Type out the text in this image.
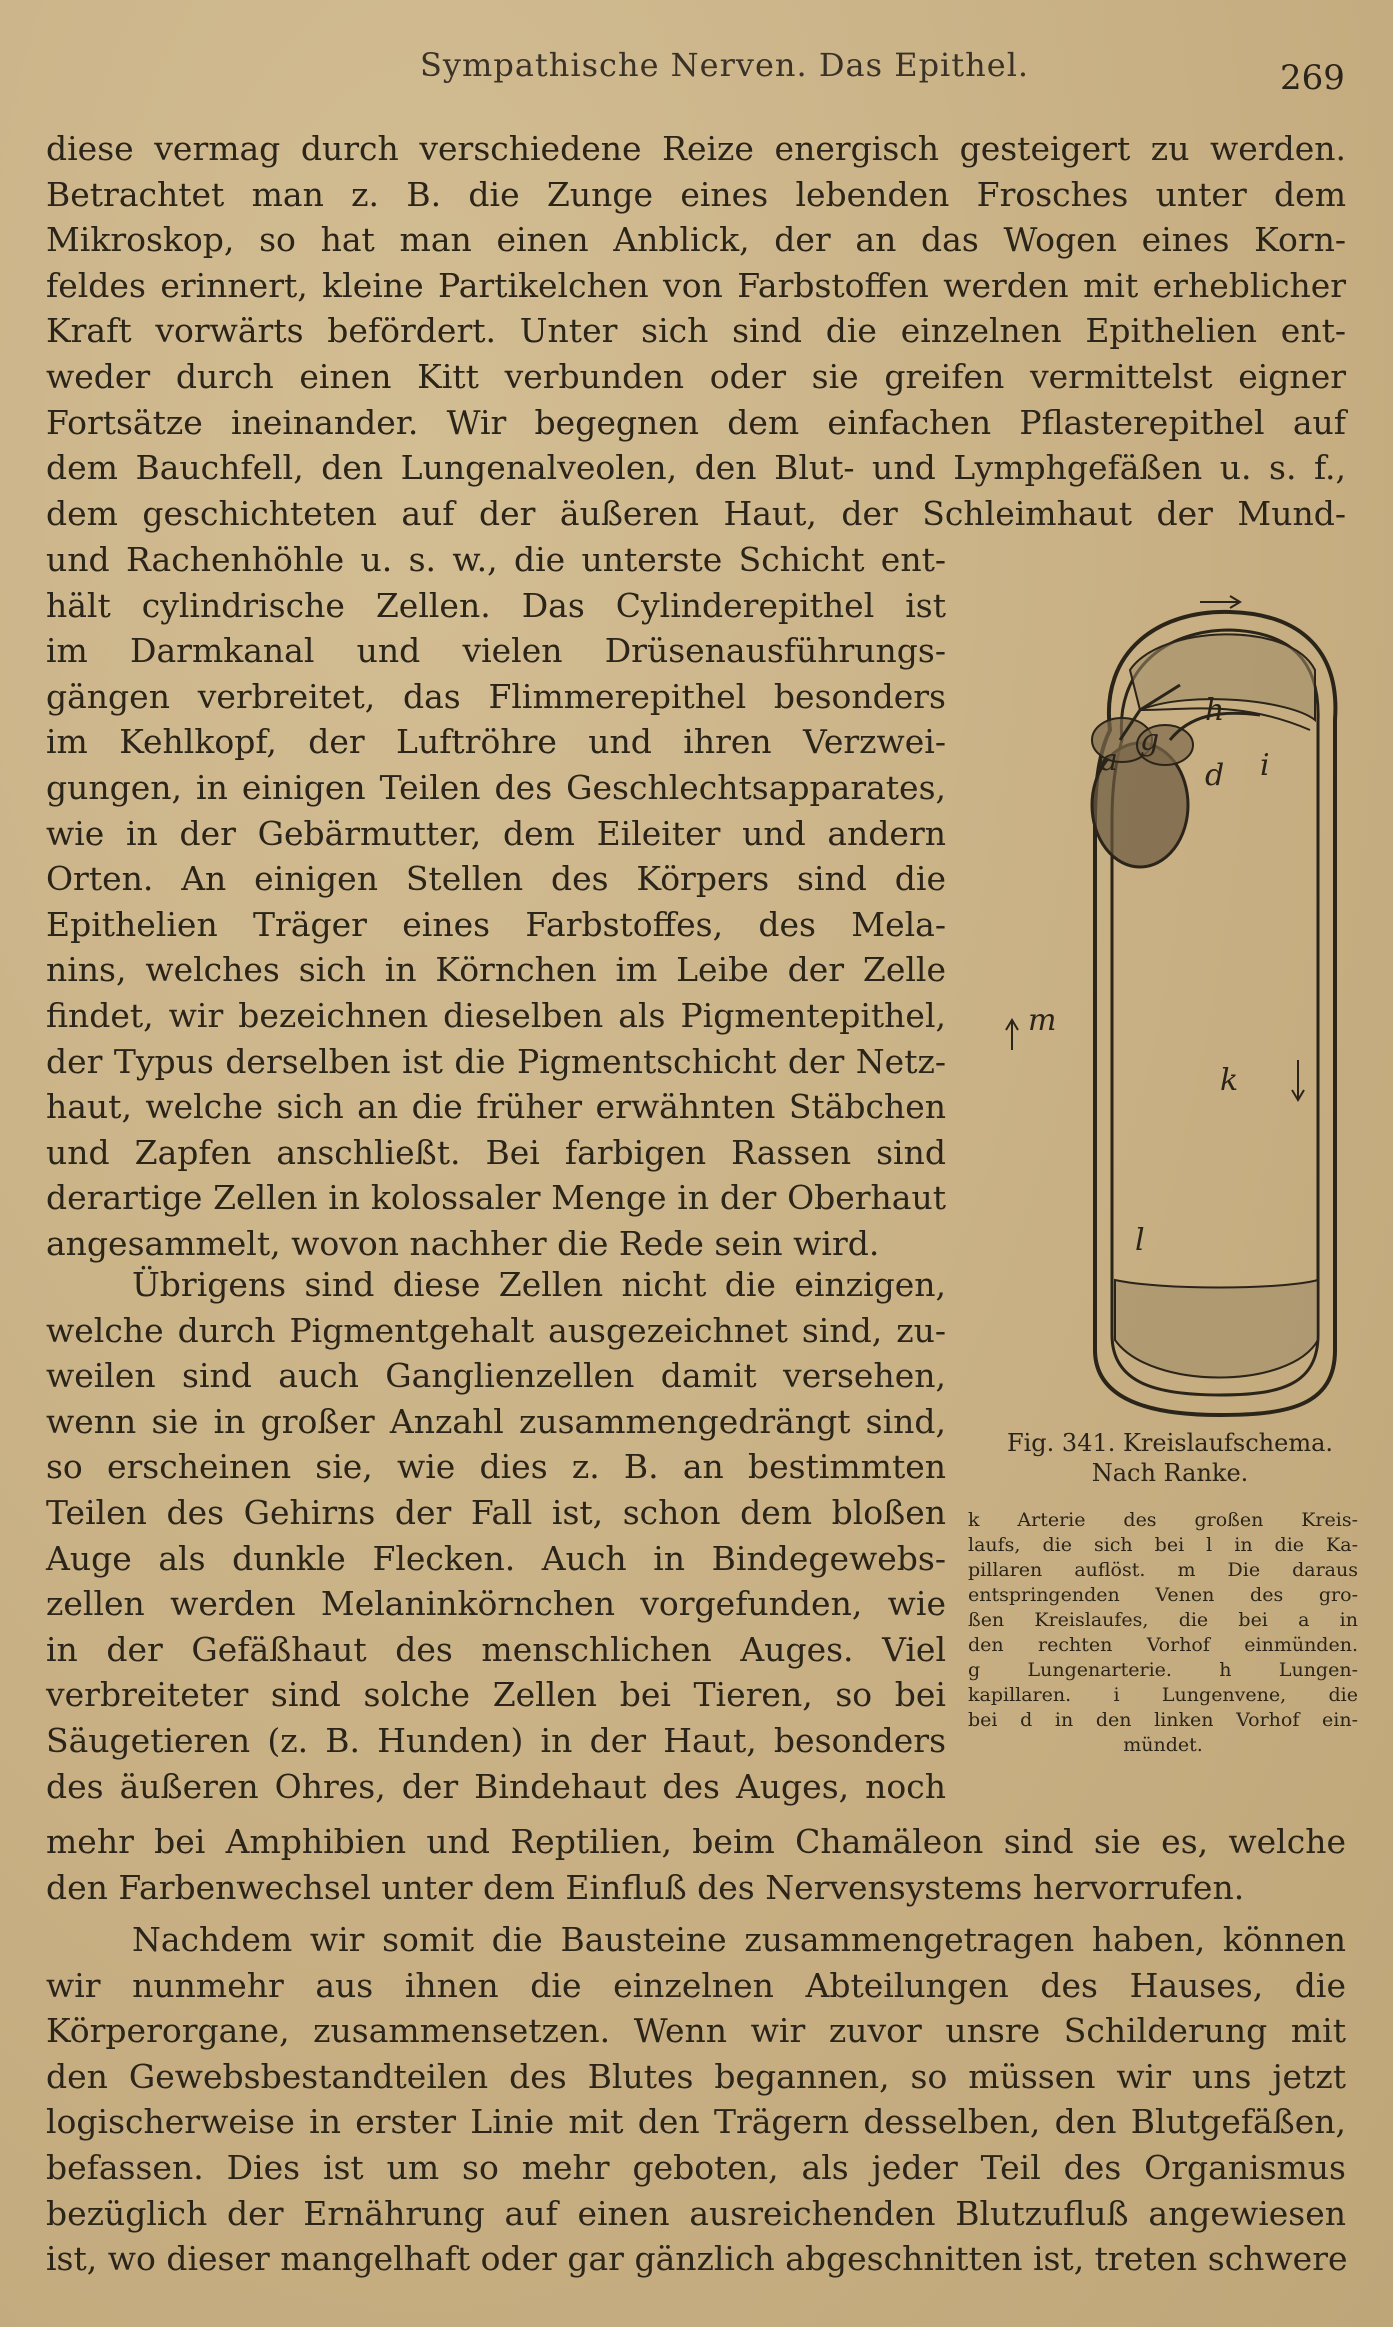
Sympathische Nerven. Das Epithel.	269
diese vermag durch verschiedene Reize energisch gesteigert zu werden.
Betrachtet man z. B. die Zunge eines lebenden Frosches unter dem
Mikroskop, so hat man einen Anblick, der an das Wogen eines Korn-
feldes erinnert, kleine Partikelchen von Farbstoffen werden mit erheblicher
Kraft vorwärts befördert. Unter sich sind die einzelnen Epithelien ent-
weder durch einen Kitt verbunden oder sie greifen vermittelst eigner
Fortsätze ineinander. Wir begegnen dem einfachen Pflasterepithel auf
dem Bauchfell, den Lungenalveolen, den Blut- und Lymphgefäßen u. s. f.,
dem geschichteten auf der äußeren Haut, der Schleimhaut der Mund-
und Rachenhöhle u. s. w., die unterste Schicht ent-
hält cylindrische Zellen. Das Cylinderepithel ist
im Darmkanal und vielen Drüsenausführungs-
gängen verbreitet, das Flimmerepithel besonders
im Kehlkopf, der Luftröhre und ihren Verzwei-
gungen, in einigen Teilen des Geschlechtsapparates,
wie in der Gebärmutter, dem Eileiter und andern
Orten. An einigen Stellen des Körpers sind die
Epithelien Träger eines Farbstoffes, des Mela-
nins, welches sich in Körnchen im Leibe der Zelle
findet, wir bezeichnen dieselben als Pigmentepithel,
der Typus derselben ist die Pigmentschicht der Netz-
haut, welche sich an die früher erwähnten Stäbchen
und Zapfen anschließt. Bei farbigen Rassen sind
derartige Zellen in kolossaler Menge in der Oberhaut
angesammelt, wovon nachher die Rede sein wird.
Übrigens sind diese Zellen nicht die einzigen,
welche durch Pigmentgehalt ausgezeichnet sind, zu-
weilen sind auch Ganglienzellen damit versehen,
wenn sie in großer Anzahl zusammengedrängt sind,
so erscheinen sie, wie dies z. B. an bestimmten
Teilen des Gehirns der Fall ist, schon dem bloßen
Auge als dunkle Flecken. Auch in Bindegewebs-
zellen werden Melaninkörnchen vorgefunden, wie
in der Gefäßhaut des menschlichen Auges. Viel
verbreiteter sind solche Zellen bei Tieren, so bei
Säugetieren (z. B. Hunden) in der Haut, besonders
des äußeren Ohres, der Bindehaut des Auges, noch
mehr bei Amphibien und Reptilien, beim Chamäleon sind sie es, welche
den Farbenwechsel unter dem Einfluß des Nervensystems hervorrufen.
Nachdem wir somit die Bausteine zusammengetragen haben, können
wir nunmehr aus ihnen die einzelnen Abteilungen des Hauses, die
Körperorgane, zusammensetzen. Wenn wir zuvor unsre Schilderung mit
den Gewebsbestandteilen des Blutes begannen, so müssen wir uns jetzt
logischerweise in erster Linie mit den Trägern desselben, den Blutgefäßen,
befassen. Dies ist um so mehr geboten, als jeder Teil des Organismus
bezüglich der Ernährung auf einen ausreichenden Blutzufluß angewiesen
ist, wo dieser mangelhaft oder gar gänzlich abgeschnitten ist, treten schwere
h
g
a	d i
m
k
l
Fig. 341. Kreislaufschema.
Nach Ranke.
k Arterie des großen Kreis-
laufs, die sich bei l in die Ka-
pillaren auflöst. m Die daraus
entspringenden Venen des gro-
ßen Kreislaufes, die bei a in
den rechten Vorhof einmünden.
g Lungenarterie. h Lungen-
kapillaren. i Lungenvene, die
bei d in den linken Vorhof ein-
mündet.
